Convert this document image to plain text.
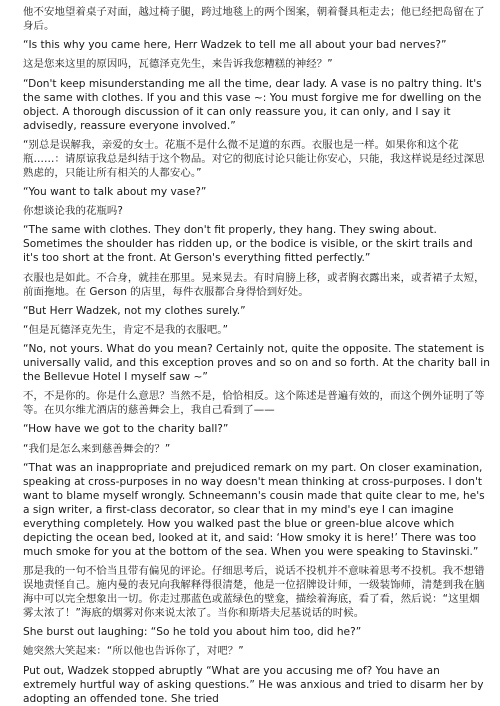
他不安地望着桌子对面，越过椅子腿，跨过地毯上的两个图案，朝着餐具柜走去；他已经把岛留在了身后。

“Is this why you came here, Herr Wadzek to tell me all about your bad nerves?”

这是您来这里的原因吗，瓦德泽克先生，来告诉我您糟糕的神经？”

“Don't keep misunderstanding me all the time, dear lady. A vase is no paltry thing. It's the same with clothes. If you and this vase ~: You must forgive me for dwelling on the object. A thorough discussion of it can only reassure you, it can only, and I say it advisedly, reassure everyone involved.”

“别总是误解我，亲爱的女士。花瓶不是什么微不足道的东西。衣服也是一样。如果你和这个花瓶……：请原谅我总是纠结于这个物品。对它的彻底讨论只能让你安心，只能，我这样说是经过深思熟虑的，只能让所有相关的人都安心。”

“You want to talk about my vase?”

你想谈论我的花瓶吗?

“The same with clothes. They don't fit properly, they hang. They swing about. Sometimes the shoulder has ridden up, or the bodice is visible, or the skirt trails and it's too short at the front. At Gerson's everything fitted perfectly.”

衣服也是如此。不合身，就挂在那里。晃来晃去。有时肩膀上移，或者胸衣露出来，或者裙子太短，前面拖地。在 Gerson 的店里，每件衣服都合身得恰到好处。

“But Herr Wadzek, not my clothes surely.”

“但是瓦德泽克先生，肯定不是我的衣服吧。”

“No, not yours. What do you mean? Certainly not, quite the opposite. The statement is universally valid, and this exception proves and so on and so forth. At the charity ball in the Bellevue Hotel I myself saw ~”

不，不是你的。你是什么意思？当然不是，恰恰相反。这个陈述是普遍有效的，而这个例外证明了等等。在贝尔维尤酒店的慈善舞会上，我自己看到了——

“How have we got to the charity ball?”

“我们是怎么来到慈善舞会的？”

“That was an inappropriate and prejudiced remark on my part. On closer examination, speaking at cross-purposes in no way doesn't mean thinking at cross-purposes. I don't want to blame myself wrongly. Schneemann's cousin made that quite clear to me, he's a sign writer, a first-class decorator, so clear that in my mind's eye I can imagine everything completely. How you walked past the blue or green-blue alcove which depicting the ocean bed, looked at it, and said: ‘How smoky it is here!’ There was too much smoke for you at the bottom of the sea. When you were speaking to Stavinski.”

那是我的一句不恰当且带有偏见的评论。仔细思考后，说话不投机并不意味着思考不投机。我不想错误地责怪自己。施内曼的表兄向我解释得很清楚，他是一位招牌设计师，一级装饰师，清楚到我在脑海中可以完全想象出一切。你走过那蓝色或蓝绿色的壁龛，描绘着海底，看了看，然后说：“这里烟雾太浓了！”海底的烟雾对你来说太浓了。当你和斯塔夫尼基说话的时候。

She burst out laughing: “So he told you about him too, did he?”

她突然大笑起来：“所以他也告诉你了，对吧？”

Put out, Wadzek stopped abruptly “What are you accusing me of? You have an extremely hurtful way of asking questions.” He was anxious and tried to disarm her by adopting an offended tone. She tried
